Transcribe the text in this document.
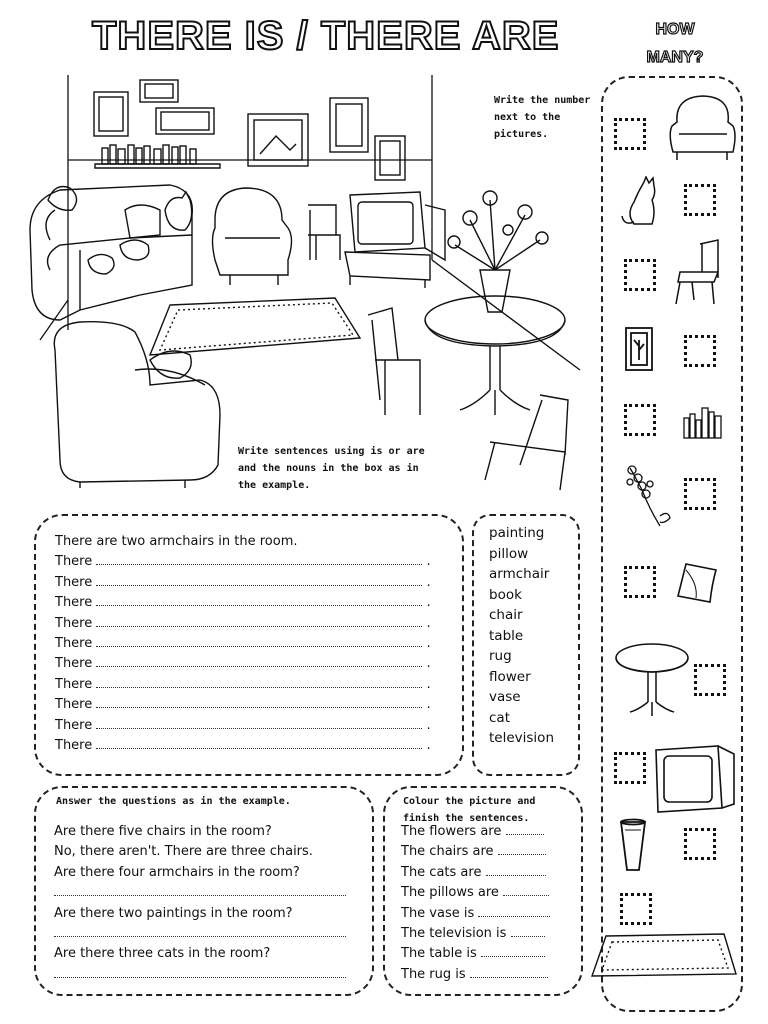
THERE IS / THERE ARE	HOW
MANY?
Write the number next to the pictures.
Write sentences using is or are and the nouns in the box as in the example.
There are two armchairs in the room.
There	.
There	.
There	.
There	.
There	.
There	.
There	.
There	.
There	.
There	.
painting
pillow
armchair
book
chair
table
rug
flower
vase
cat
television
Answer the questions as in the example.
Are there five chairs in the room?
No, there aren't. There are three chairs.
Are there four armchairs in the room?
Are there two paintings in the room?
Are there three cats in the room?
Colour the picture and finish the sentences.
The flowers are
The chairs are
The cats are
The pillows are
The vase is
The television is
The table is
The rug is
